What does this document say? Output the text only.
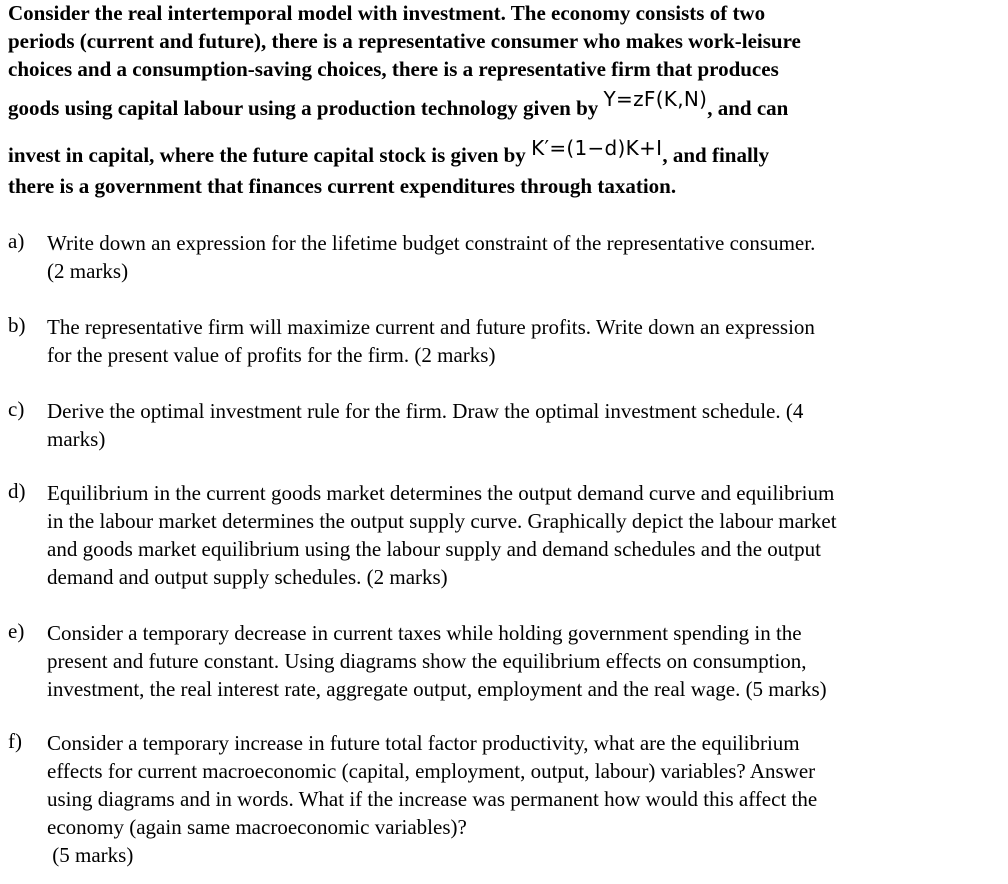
Consider the real intertemporal model with investment. The economy consists of two
periods (current and future), there is a representative consumer who makes work-leisure
choices and a consumption-saving choices, there is a representative firm that produces
goods using capital labour using a production technology given by Y=zF(K,N), and can
invest in capital, where the future capital stock is given by K′=(1−d)K+I, and finally
there is a government that finances current expenditures through taxation.
a)	Write down an expression for the lifetime budget constraint of the representative consumer.
(2 marks)
b)	The representative firm will maximize current and future profits. Write down an expression
for the present value of profits for the firm. (2 marks)
c)	Derive the optimal investment rule for the firm. Draw the optimal investment schedule. (4
marks)
d)	Equilibrium in the current goods market determines the output demand curve and equilibrium
in the labour market determines the output supply curve. Graphically depict the labour market
and goods market equilibrium using the labour supply and demand schedules and the output
demand and output supply schedules. (2 marks)
e)	Consider a temporary decrease in current taxes while holding government spending in the
present and future constant. Using diagrams show the equilibrium effects on consumption,
investment, the real interest rate, aggregate output, employment and the real wage. (5 marks)
f)	Consider a temporary increase in future total factor productivity, what are the equilibrium
effects for current macroeconomic (capital, employment, output, labour) variables? Answer
using diagrams and in words. What if the increase was permanent how would this affect the
economy (again same macroeconomic variables)?
(5 marks)
